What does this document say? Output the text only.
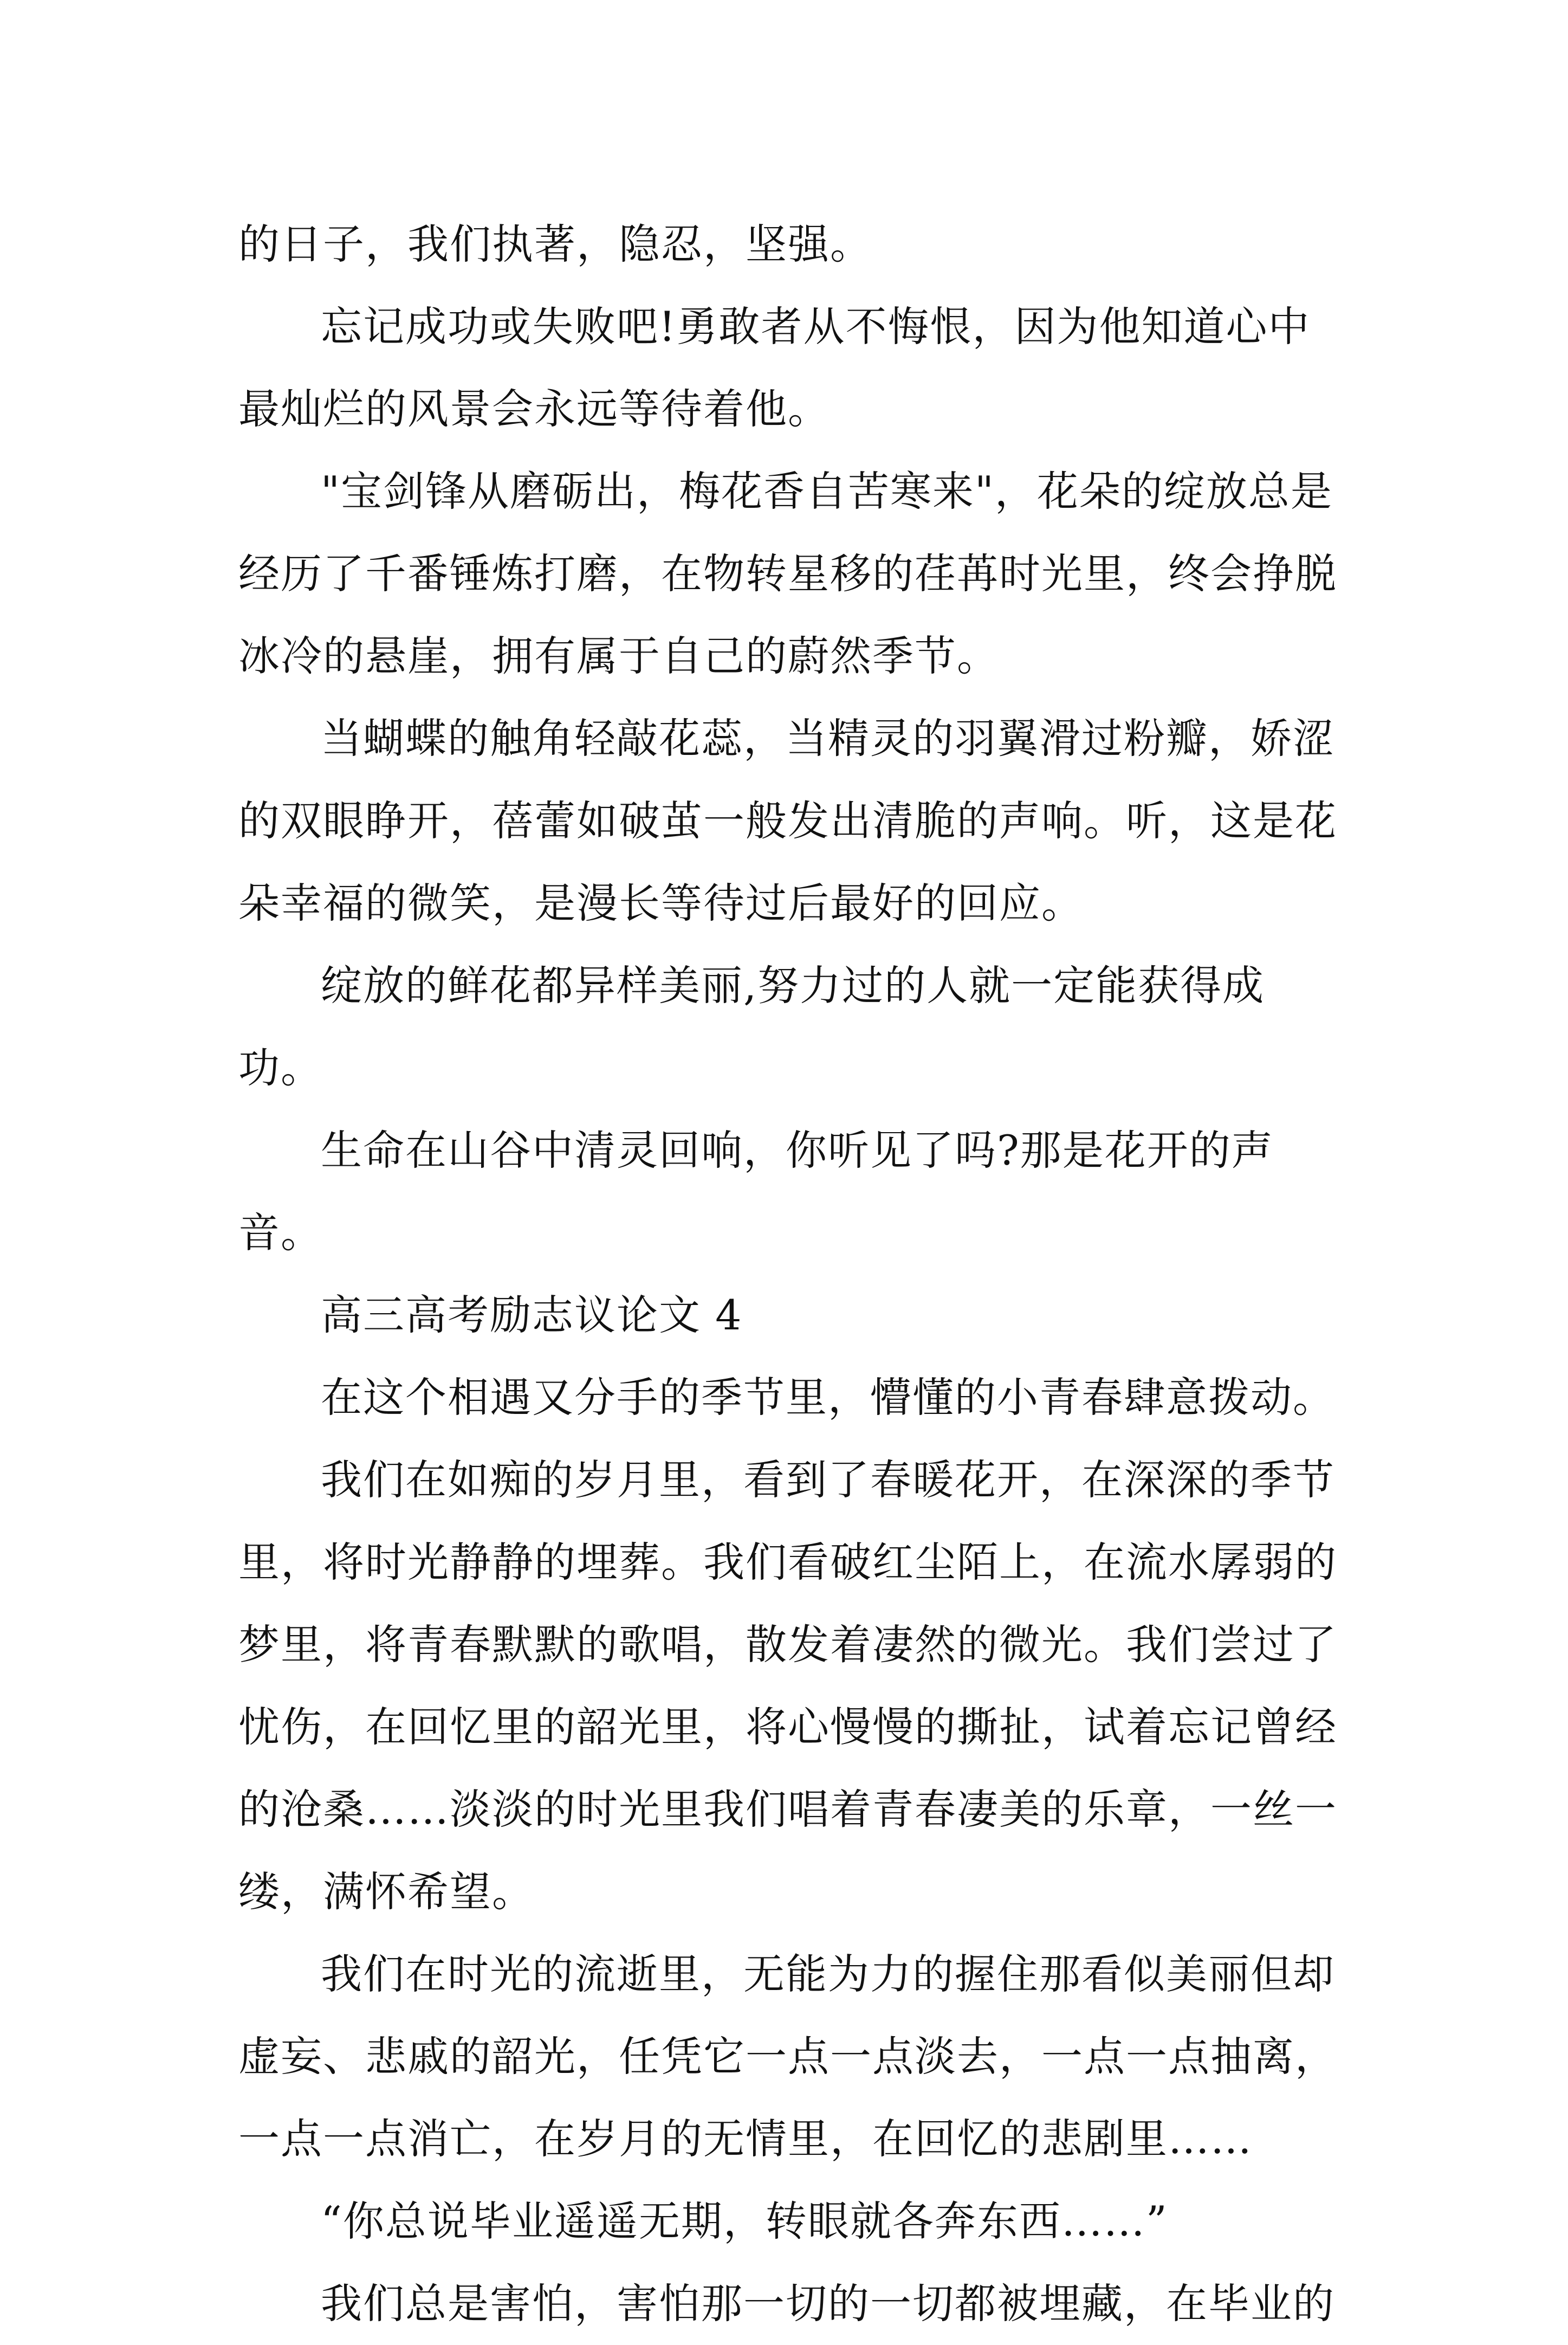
的日子，我们执著，隐忍，坚强。

忘记成功或失败吧!勇敢者从不悔恨，因为他知道心中最灿烂的风景会永远等待着他。

"宝剑锋从磨砺出，梅花香自苦寒来"，花朵的绽放总是经历了千番锤炼打磨，在物转星移的荏苒时光里，终会挣脱冰冷的悬崖，拥有属于自己的蔚然季节。

当蝴蝶的触角轻敲花蕊，当精灵的羽翼滑过粉瓣，娇涩的双眼睁开，蓓蕾如破茧一般发出清脆的声响。听，这是花朵幸福的微笑，是漫长等待过后最好的回应。

绽放的鲜花都异样美丽,努力过的人就一定能获得成功。

生命在山谷中清灵回响，你听见了吗?那是花开的声音。

高三高考励志议论文 4

在这个相遇又分手的季节里，懵懂的小青春肆意拨动。

我们在如痴的岁月里，看到了春暖花开，在深深的季节里，将时光静静的埋葬。我们看破红尘陌上，在流水孱弱的梦里，将青春默默的歌唱，散发着凄然的微光。我们尝过了忧伤，在回忆里的韶光里，将心慢慢的撕扯，试着忘记曾经的沧桑……淡淡的时光里我们唱着青春凄美的乐章，一丝一缕，满怀希望。

我们在时光的流逝里，无能为力的握住那看似美丽但却虚妄、悲戚的韶光，任凭它一点一点淡去，一点一点抽离，一点一点消亡，在岁月的无情里，在回忆的悲剧里……

“你总说毕业遥遥无期，转眼就各奔东西……”

我们总是害怕，害怕那一切的一切都被埋藏，在毕业的
